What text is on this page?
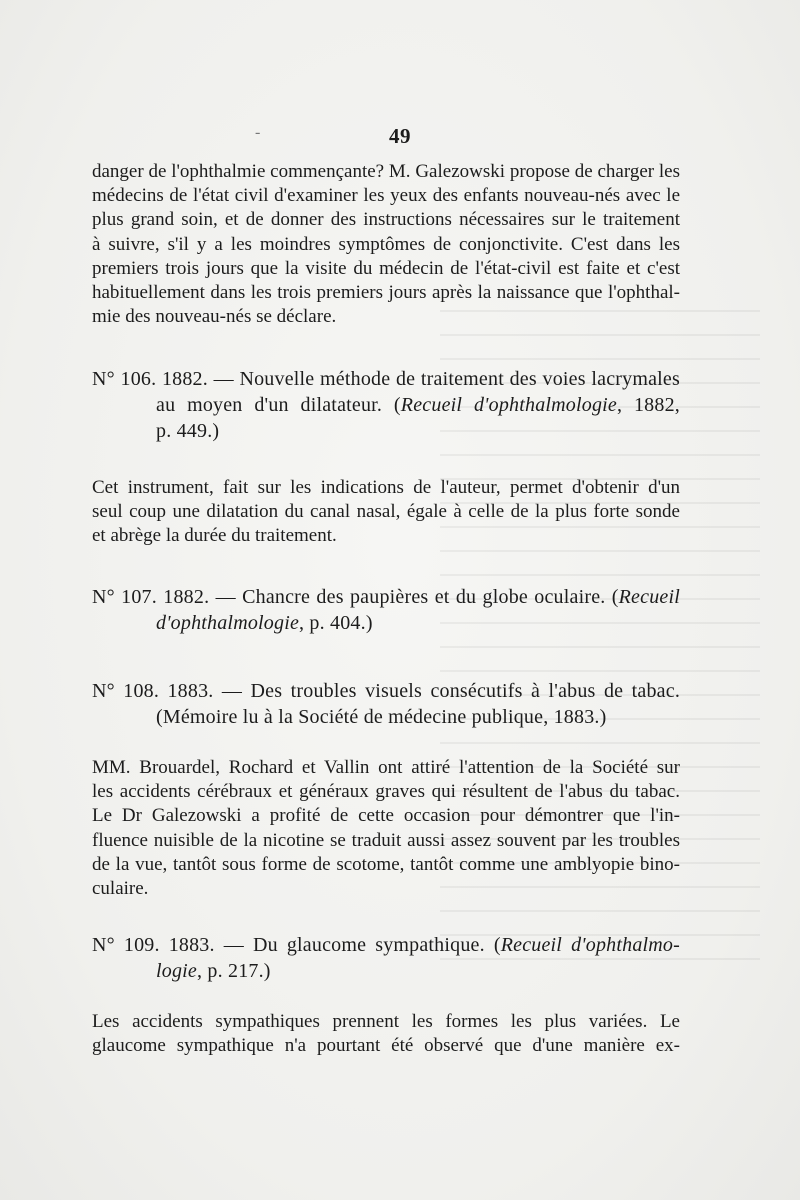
-	49
danger de l'ophthalmie commençante? M. Galezowski propose de charger les
médecins de l'état civil d'examiner les yeux des enfants nouveau-nés avec le
plus grand soin, et de donner des instructions nécessaires sur le traitement
à suivre, s'il y a les moindres symptômes de conjonctivite. C'est dans les
premiers trois jours que la visite du médecin de l'état-civil est faite et c'est
habituellement dans les trois premiers jours après la naissance que l'ophthal-
mie des nouveau-nés se déclare.
N° 106. 1882. — Nouvelle méthode de traitement des voies lacrymales
au moyen d'un dilatateur. (Recueil d'ophthalmologie, 1882,
p. 449.)
Cet instrument, fait sur les indications de l'auteur, permet d'obtenir d'un
seul coup une dilatation du canal nasal, égale à celle de la plus forte sonde
et abrège la durée du traitement.
N° 107. 1882. — Chancre des paupières et du globe oculaire. (Recueil
d'ophthalmologie, p. 404.)
N° 108. 1883. — Des troubles visuels consécutifs à l'abus de tabac.
(Mémoire lu à la Société de médecine publique, 1883.)
MM. Brouardel, Rochard et Vallin ont attiré l'attention de la Société sur
les accidents cérébraux et généraux graves qui résultent de l'abus du tabac.
Le Dr Galezowski a profité de cette occasion pour démontrer que l'in-
fluence nuisible de la nicotine se traduit aussi assez souvent par les troubles
de la vue, tantôt sous forme de scotome, tantôt comme une amblyopie bino-
culaire.
N° 109. 1883. — Du glaucome sympathique. (Recueil d'ophthalmo-
logie, p. 217.)
Les accidents sympathiques prennent les formes les plus variées. Le
glaucome sympathique n'a pourtant été observé que d'une manière ex-
